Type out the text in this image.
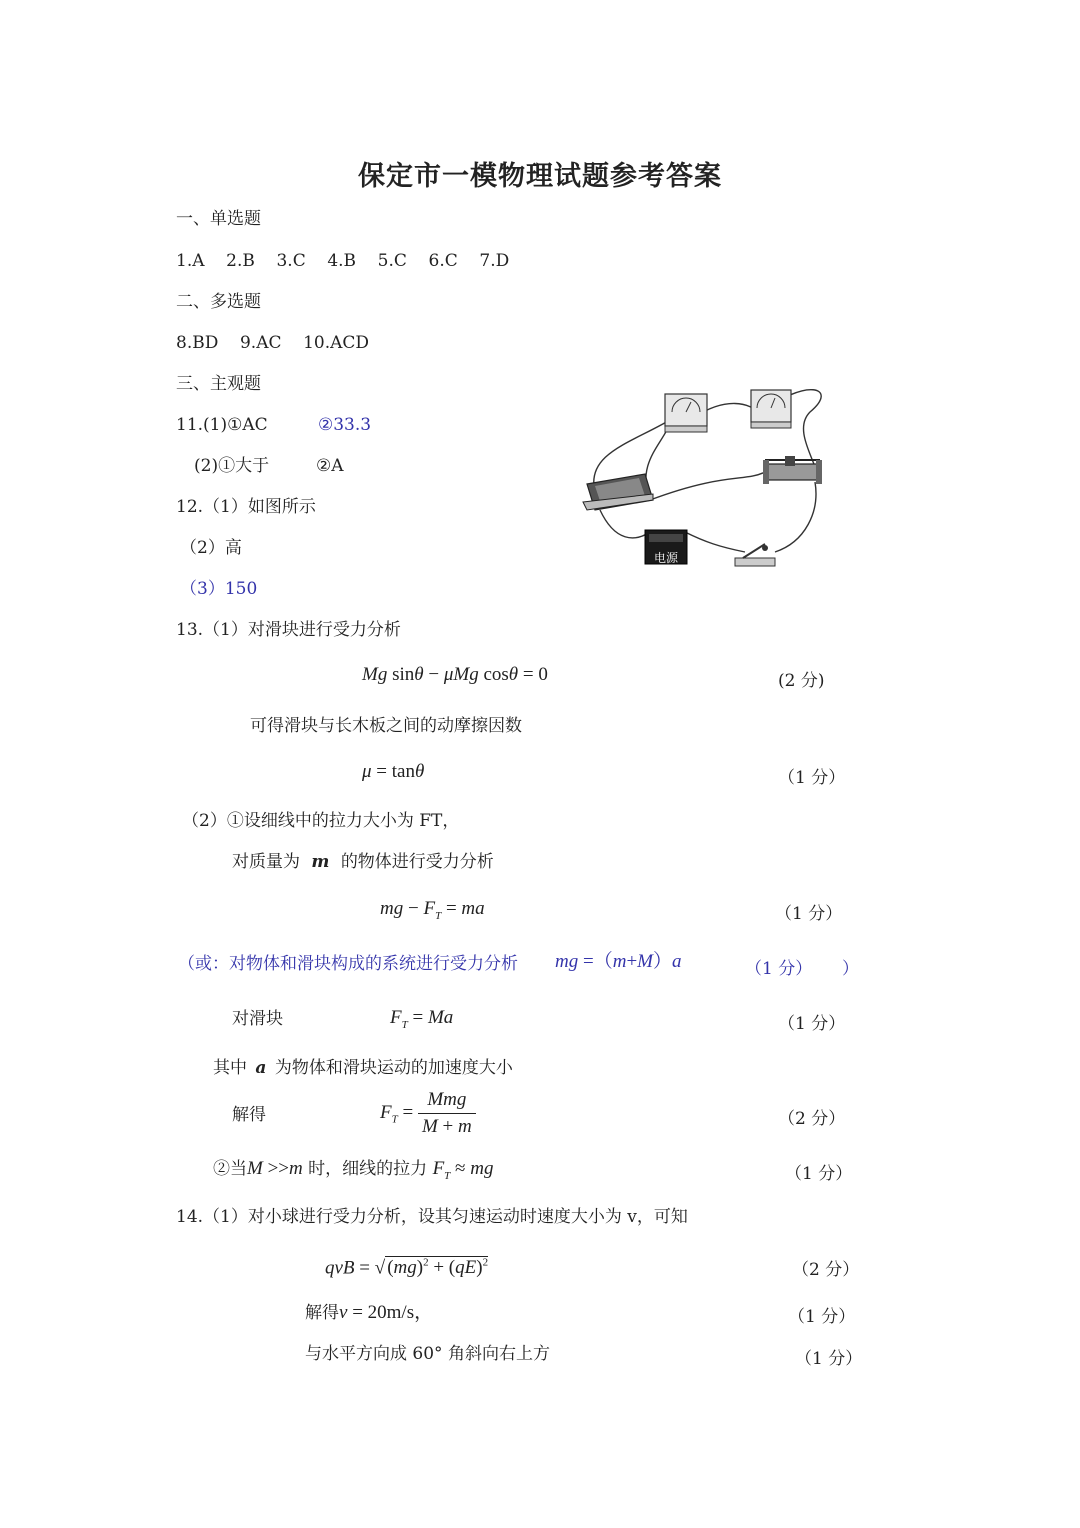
保定市一模物理试题参考答案
一、单选题
1.A 2.B 3.C 4.B 5.C 6.C 7.D
二、多选题
8.BD 9.AC 10.ACD
三、主观题
11.(1)①AC	②33.3
(2)①大于	②A
12.（1）如图所示
（2）高
（3）150
电源
13.（1）对滑块进行受力分析
Mg sinθ − μMg cosθ = 0	(2 分)
可得滑块与长木板之间的动摩擦因数
μ = tanθ	（1 分）
（2）①设细线中的拉力大小为 FT，
对质量为 m 的物体进行受力分析
mg − $F_T$ = ma	（1 分）
（或：对物体和滑块构成的系统进行受力分析 mg =（m+M）a	（1 分） ）
对滑块	$F_T = Ma$	（1 分）
其中 a 为物体和滑块运动的加速度大小
解得	$F_T = \frac{\text{Mmg}}{M + m}$	（2 分）
②当M >>m 时，细线的拉力 $F_T$ ≈ mg	（1 分）
14.（1）对小球进行受力分析，设其匀速运动时速度大小为 v，可知
qvB = √ (mg)$^2$ + (qE)$^2$	（2 分）
解得v = 20m/s，	（1 分）
与水平方向成 60° 角斜向右上方	（1 分）
